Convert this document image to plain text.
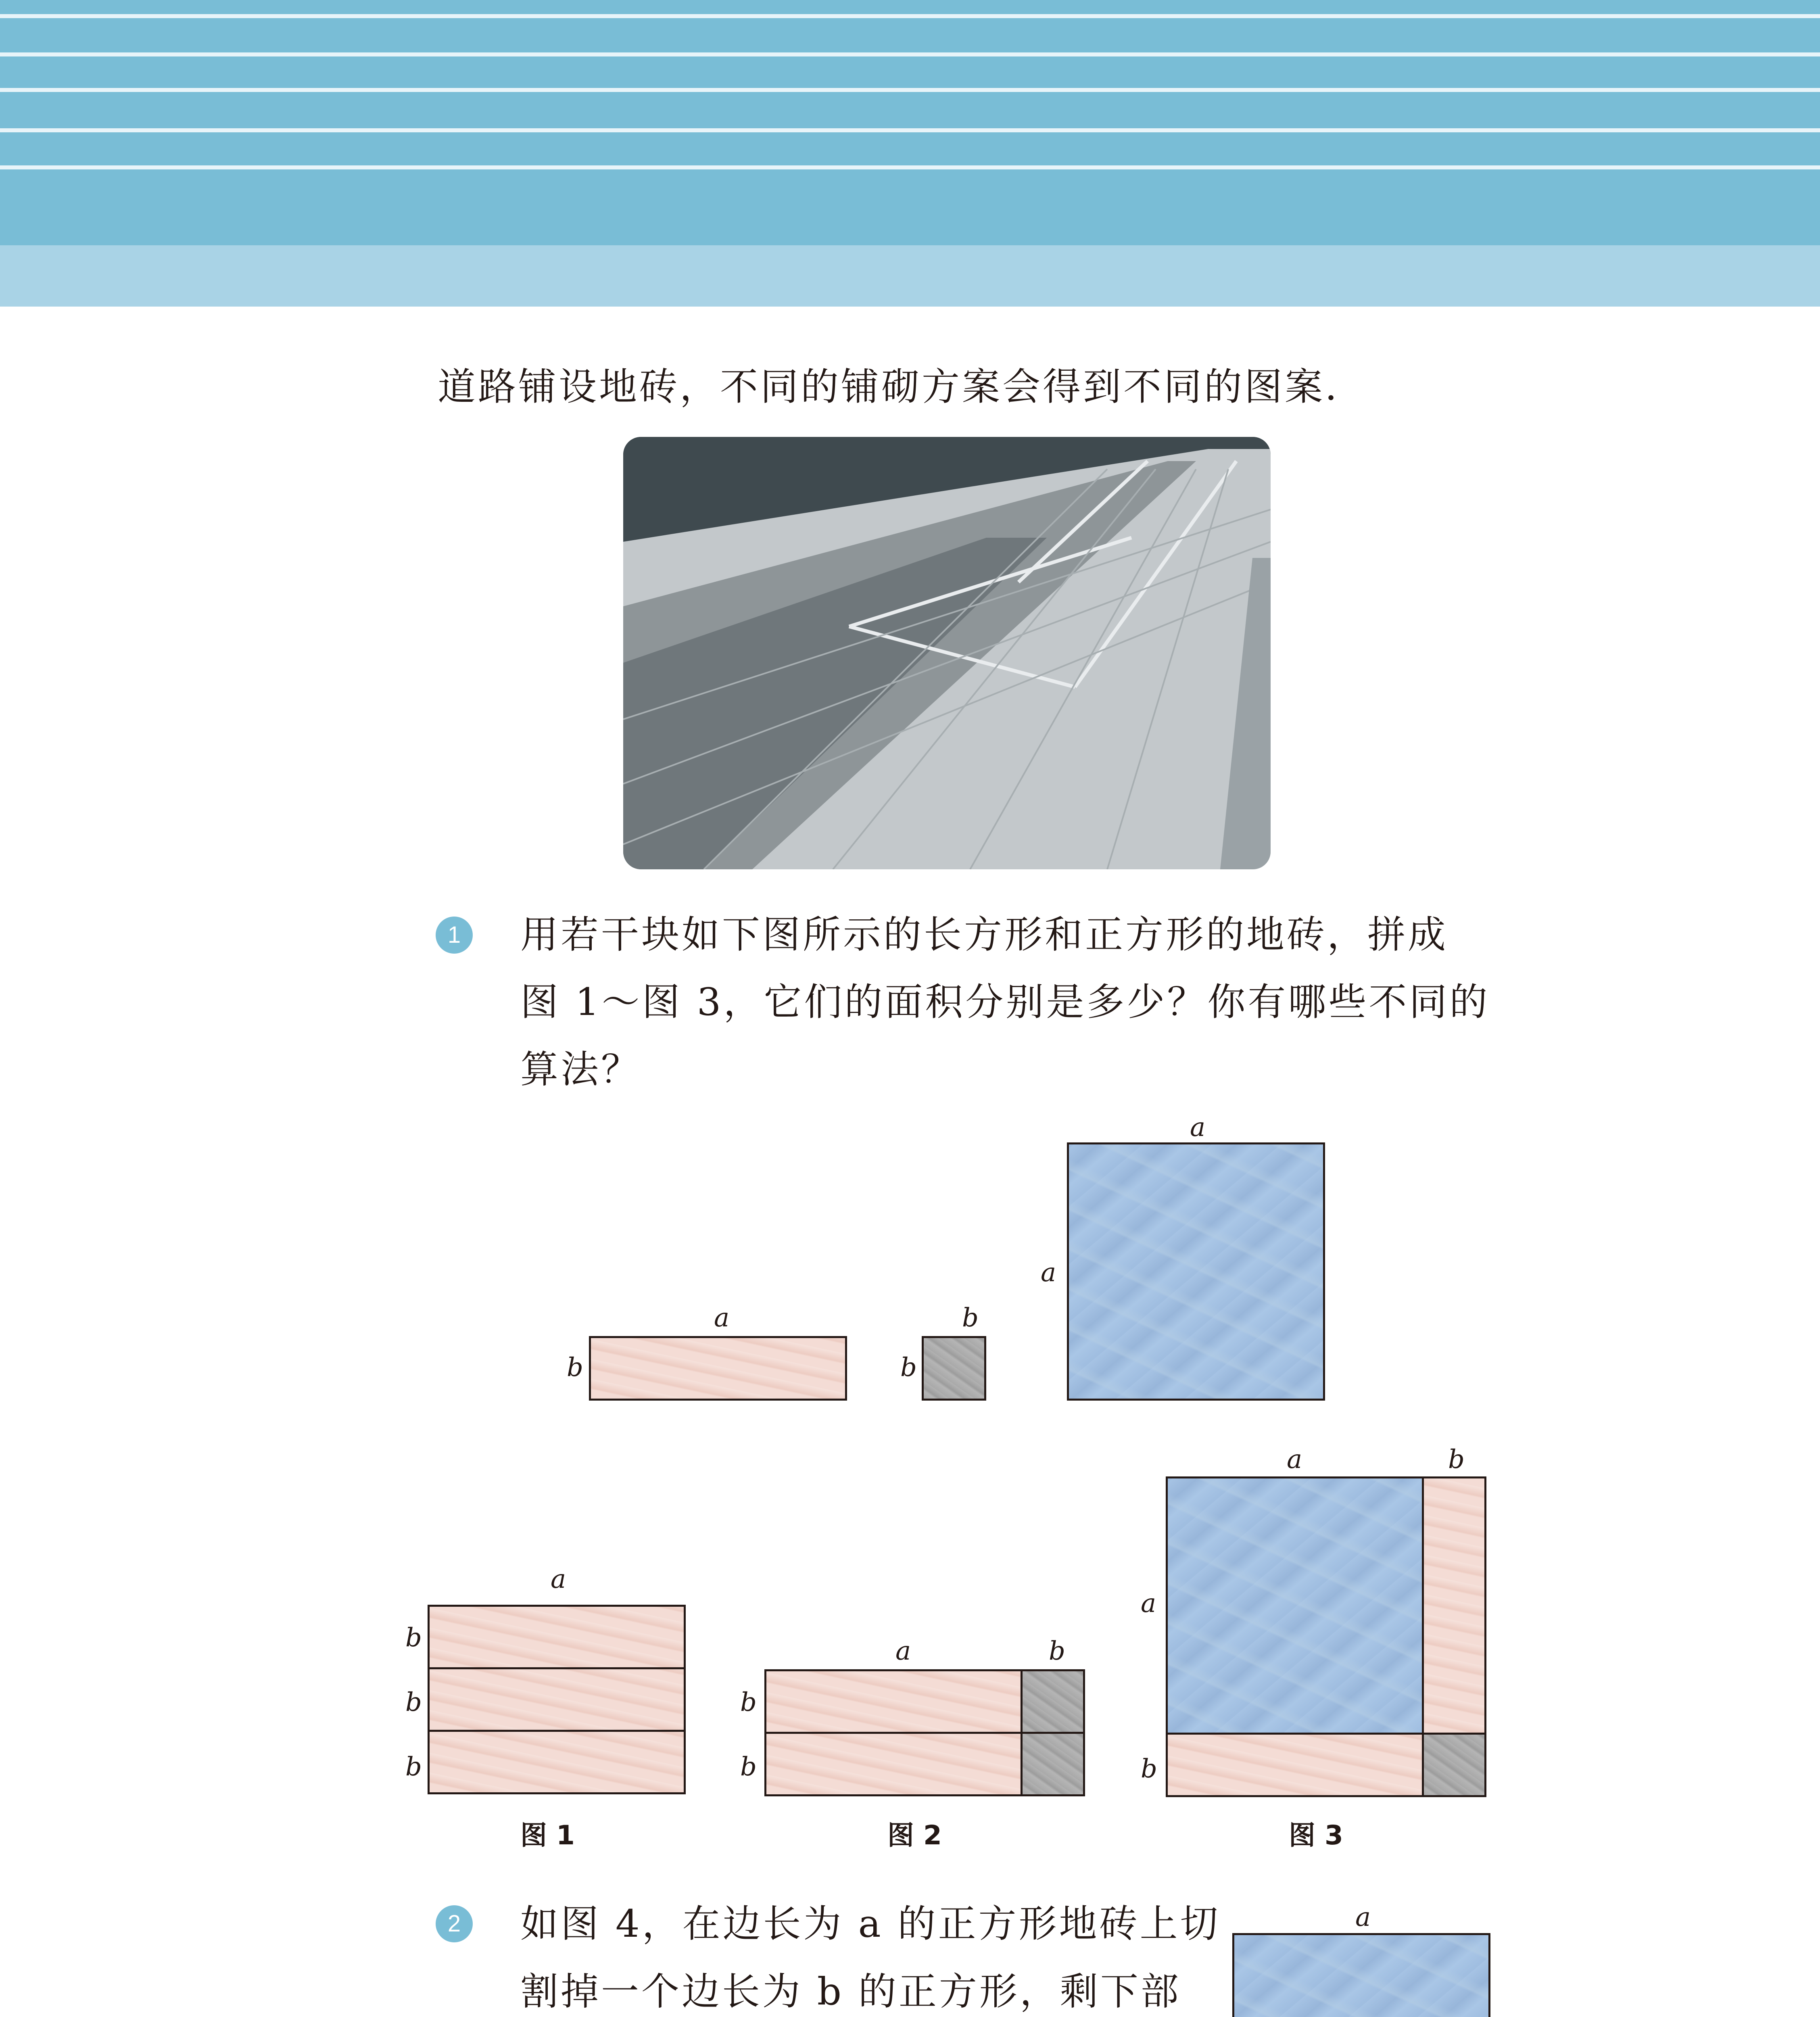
道路铺设地砖，不同的铺砌方案会得到不同的图案．
1	用若干块如下图所示的长方形和正方形的地砖，拼成
图 1～图 3，它们的面积分别是多少？你有哪些不同的
算法？
a
b
b
b
a
a
a
b
b
b
图 1
a	b
b
b
图 2
a	b
a
b
图 3
2	如图 4，在边长为 a 的正方形地砖上切
割掉一个边长为 b 的正方形，剩下部
a
